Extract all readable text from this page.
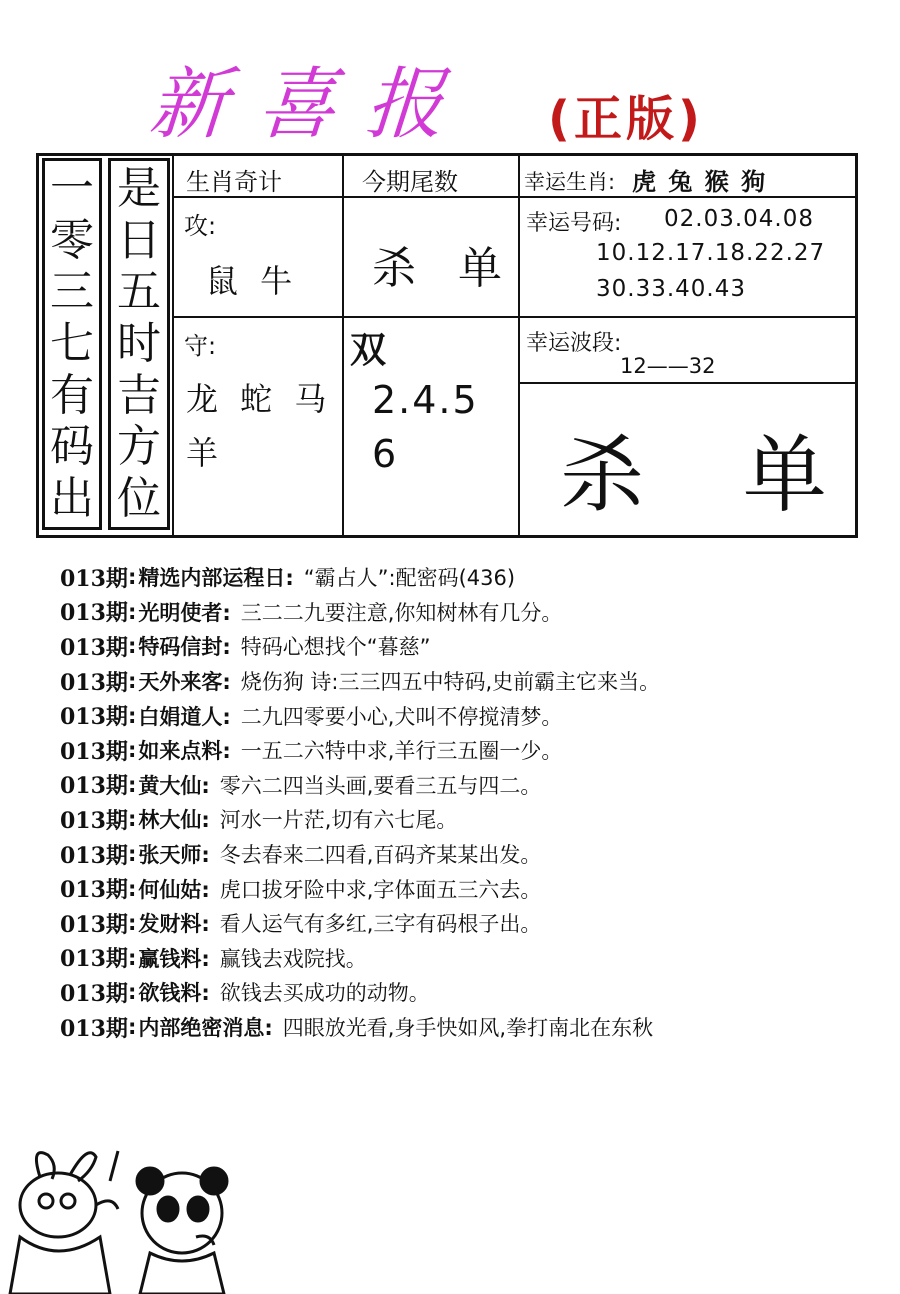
新喜报 (正版)
一
零
三
七
有
码
出
是
日
五
时
吉
方
位
生肖奇计	今期尾数	幸运生肖: 虎 兔 猴 狗
攻:
鼠 牛 杀 单
幸运号码: 02.03.04.08
10.12.17.18.22.27
30.33.40.43
守:
龙 蛇 马
羊
双
2.4.5
6
幸运波段:
12——32
杀 单
013期 : 精选内部运程日: “霸占人”:配密码(436)
013期 : 光明使者: 三二二九要注意,你知树林有几分。
013期 : 特码信封: 特码心想找个“暮慈”
013期 : 天外来客: 烧伤狗 诗:三三四五中特码,史前霸主它来当。
013期 : 白娟道人: 二九四零要小心,犬叫不停搅清梦。
013期 : 如来点料: 一五二六特中求,羊行三五圈一少。
013期 : 黄大仙: 零六二四当头画,要看三五与四二。
013期 : 林大仙: 河水一片茫,切有六七尾。
013期 : 张天师: 冬去春来二四看,百码齐某某出发。
013期 : 何仙姑: 虎口拔牙险中求,字体面五三六去。
013期 : 发财料: 看人运气有多红,三字有码根子出。
013期 : 赢钱料: 赢钱去戏院找。
013期 : 欲钱料: 欲钱去买成功的动物。
013期 : 内部绝密消息: 四眼放光看,身手快如风,拳打南北在东秋
